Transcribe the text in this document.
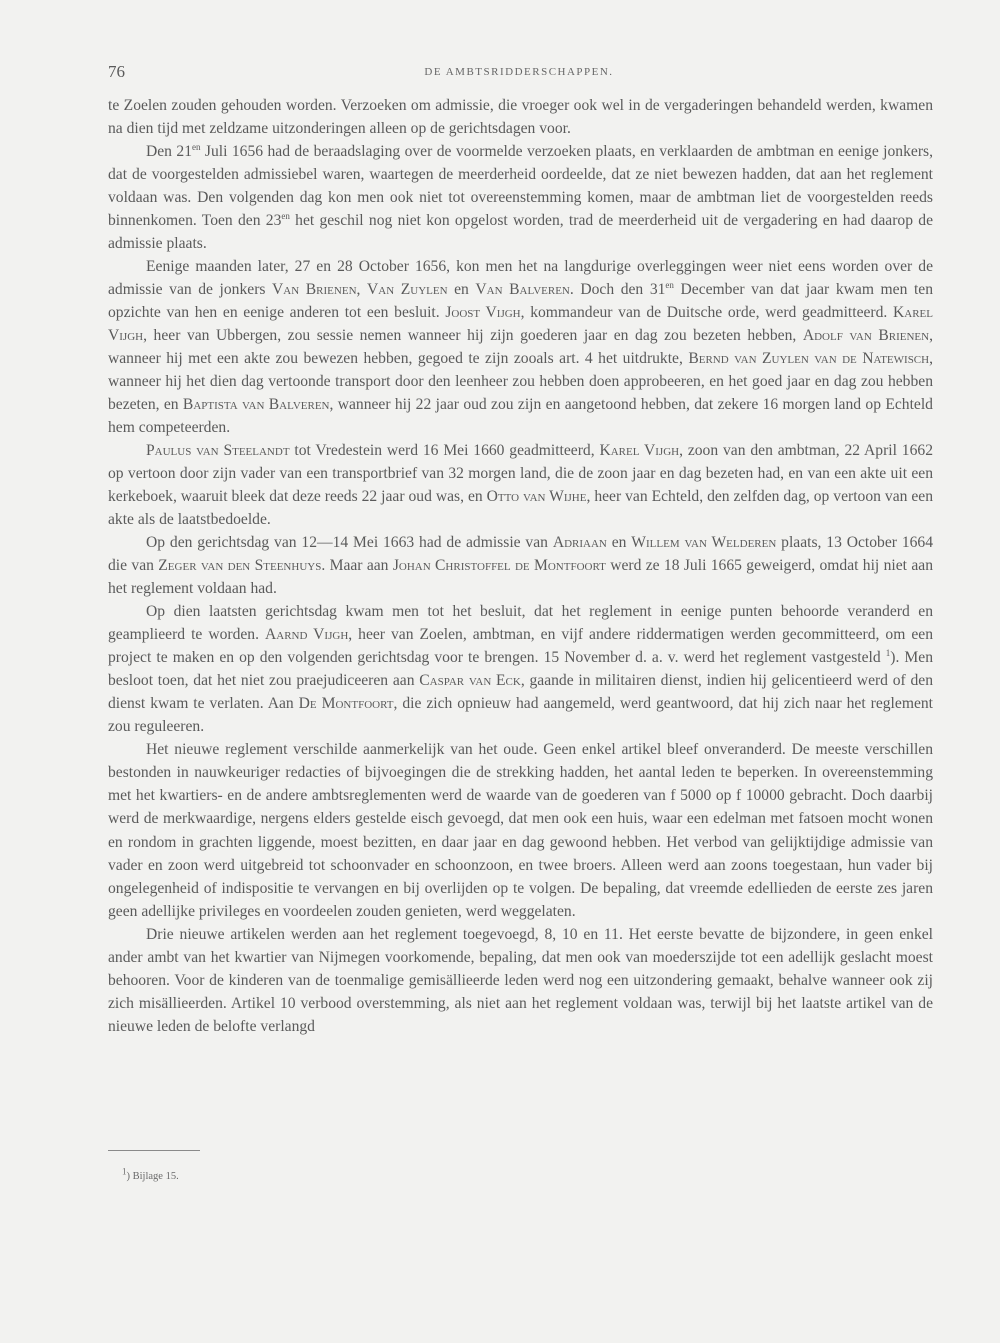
76	DE AMBTSRIDDERSCHAPPEN.

te Zoelen zouden gehouden worden. Verzoeken om admissie, die vroeger ook wel in de vergaderingen behandeld werden, kwamen na dien tijd met zeldzame uitzonderingen alleen op de gerichtsdagen voor.

Den $21^{en}$ Juli 1656 had de beraadslaging over de voormelde verzoeken plaats, en verklaarden de ambtman en eenige jonkers, dat de voorgestelden admissiebel waren, waartegen de meerderheid oordeelde, dat ze niet bewezen hadden, dat aan het reglement voldaan was. Den volgenden dag kon men ook niet tot overeenstemming komen, maar de ambtman liet de voorgestelden reeds binnenkomen. Toen den $23^{en}$ het geschil nog niet kon opgelost worden, trad de meerderheid uit de vergadering en had daarop de admissie plaats.

Eenige maanden later, 27 en 28 October 1656, kon men het na langdurige overleggingen weer niet eens worden over de admissie van de jonkers Van Brienen, Van Zuylen en Van Balveren. Doch den $31^{en}$ December van dat jaar kwam men ten opzichte van hen en eenige anderen tot een besluit. Joost Vijgh, kommandeur van de Duitsche orde, werd geadmitteerd. Karel Vijgh, heer van Ubbergen, zou sessie nemen wanneer hij zijn goederen jaar en dag zou bezeten hebben, Adolf van Brienen, wanneer hij met een akte zou bewezen hebben, gegoed te zijn zooals art. 4 het uitdrukte, Bernd van Zuylen van de Natewisch, wanneer hij het dien dag vertoonde transport door den leenheer zou hebben doen approbeeren, en het goed jaar en dag zou hebben bezeten, en Baptista van Balveren, wanneer hij 22 jaar oud zou zijn en aangetoond hebben, dat zekere 16 morgen land op Echteld hem competeerden.

Paulus van Steelandt tot Vredestein werd 16 Mei 1660 geadmitteerd, Karel Vijgh, zoon van den ambtman, 22 April 1662 op vertoon door zijn vader van een transportbrief van 32 morgen land, die de zoon jaar en dag bezeten had, en van een akte uit een kerkeboek, waaruit bleek dat deze reeds 22 jaar oud was, en Otto van Wijhe, heer van Echteld, den zelfden dag, op vertoon van een akte als de laatstbedoelde.

Op den gerichtsdag van 12—14 Mei 1663 had de admissie van Adriaan en Willem van Welderen plaats, 13 October 1664 die van Zeger van den Steenhuys. Maar aan Johan Christoffel de Montfoort werd ze 18 Juli 1665 geweigerd, omdat hij niet aan het reglement voldaan had.

Op dien laatsten gerichtsdag kwam men tot het besluit, dat het reglement in eenige punten behoorde veranderd en geamplieerd te worden. Aarnd Vijgh, heer van Zoelen, ambtman, en vijf andere riddermatigen werden gecommitteerd, om een project te maken en op den volgenden gerichtsdag voor te brengen. 15 November d. a. v. werd het reglement vastgesteld $^1$). Men besloot toen, dat het niet zou praejudiceeren aan Caspar van Eck, gaande in militairen dienst, indien hij gelicentieerd werd of den dienst kwam te verlaten. Aan De Montfoort, die zich opnieuw had aangemeld, werd geantwoord, dat hij zich naar het reglement zou reguleeren.

Het nieuwe reglement verschilde aanmerkelijk van het oude. Geen enkel artikel bleef onveranderd. De meeste verschillen bestonden in nauwkeuriger redacties of bijvoegingen die de strekking hadden, het aantal leden te beperken. In overeenstemming met het kwartiers- en de andere ambtsreglementen werd de waarde van de goederen van f 5000 op f 10000 gebracht. Doch daarbij werd de merkwaardige, nergens elders gestelde eisch gevoegd, dat men ook een huis, waar een edelman met fatsoen mocht wonen en rondom in grachten liggende, moest bezitten, en daar jaar en dag gewoond hebben. Het verbod van gelijktijdige admissie van vader en zoon werd uitgebreid tot schoonvader en schoonzoon, en twee broers. Alleen werd aan zoons toegestaan, hun vader bij ongelegenheid of indispositie te vervangen en bij overlijden op te volgen. De bepaling, dat vreemde edellieden de eerste zes jaren geen adellijke privileges en voordeelen zouden genieten, werd weggelaten.

Drie nieuwe artikelen werden aan het reglement toegevoegd, 8, 10 en 11. Het eerste bevatte de bijzondere, in geen enkel ander ambt van het kwartier van Nijmegen voorkomende, bepaling, dat men ook van moederszijde tot een adellijk geslacht moest behooren. Voor de kinderen van de toenmalige gemisällieerde leden werd nog een uitzondering gemaakt, behalve wanneer ook zij zich misällieerden. Artikel 10 verbood overstemming, als niet aan het reglement voldaan was, terwijl bij het laatste artikel van de nieuwe leden de belofte verlangd

$^1$) Bijlage 15.
